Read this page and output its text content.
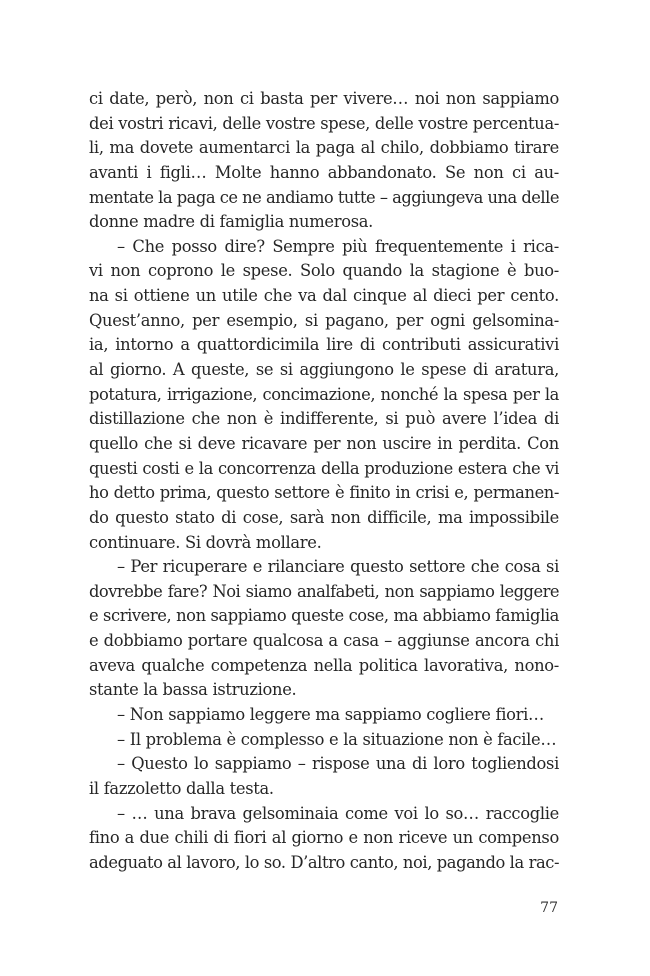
ci date, però, non ci basta per vivere… noi non sappiamo
dei vostri ricavi, delle vostre spese, delle vostre percentua-
li, ma dovete aumentarci la paga al chilo, dobbiamo tirare
avanti i figli… Molte hanno abbandonato. Se non ci au-
mentate la paga ce ne andiamo tutte – aggiungeva una delle
donne madre di famiglia numerosa.
– Che posso dire? Sempre più frequentemente i rica-
vi non coprono le spese. Solo quando la stagione è buo-
na si ottiene un utile che va dal cinque al dieci per cento.
Quest’anno, per esempio, si pagano, per ogni gelsomina-
ia, intorno a quattordicimila lire di contributi assicurativi
al giorno. A queste, se si aggiungono le spese di aratura,
potatura, irrigazione, concimazione, nonché la spesa per la
distillazione che non è indifferente, si può avere l’idea di
quello che si deve ricavare per non uscire in perdita. Con
questi costi e la concorrenza della produzione estera che vi
ho detto prima, questo settore è finito in crisi e, permanen-
do questo stato di cose, sarà non difficile, ma impossibile
continuare. Si dovrà mollare.
– Per ricuperare e rilanciare questo settore che cosa si
dovrebbe fare? Noi siamo analfabeti, non sappiamo leggere
e scrivere, non sappiamo queste cose, ma abbiamo famiglia
e dobbiamo portare qualcosa a casa – aggiunse ancora chi
aveva qualche competenza nella politica lavorativa, nono-
stante la bassa istruzione.
– Non sappiamo leggere ma sappiamo cogliere fiori…
– Il problema è complesso e la situazione non è facile…
– Questo lo sappiamo – rispose una di loro togliendosi
il fazzoletto dalla testa.
– … una brava gelsominaia come voi lo so… raccoglie
fino a due chili di fiori al giorno e non riceve un compenso
adeguato al lavoro, lo so. D’altro canto, noi, pagando la rac-
77
